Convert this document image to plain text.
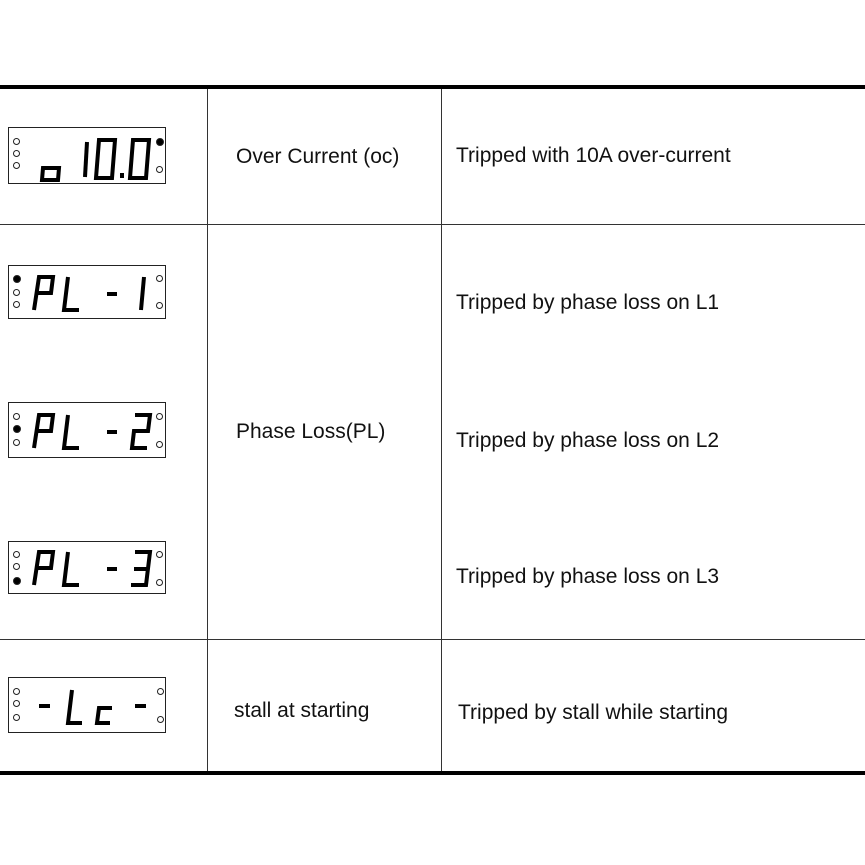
Over Current (oc)	Tripped with 10A over-current
Phase Loss(PL)
Tripped by phase loss on L1
Tripped by phase loss on L2
Tripped by phase loss on L3
stall at starting	Tripped by stall while starting
